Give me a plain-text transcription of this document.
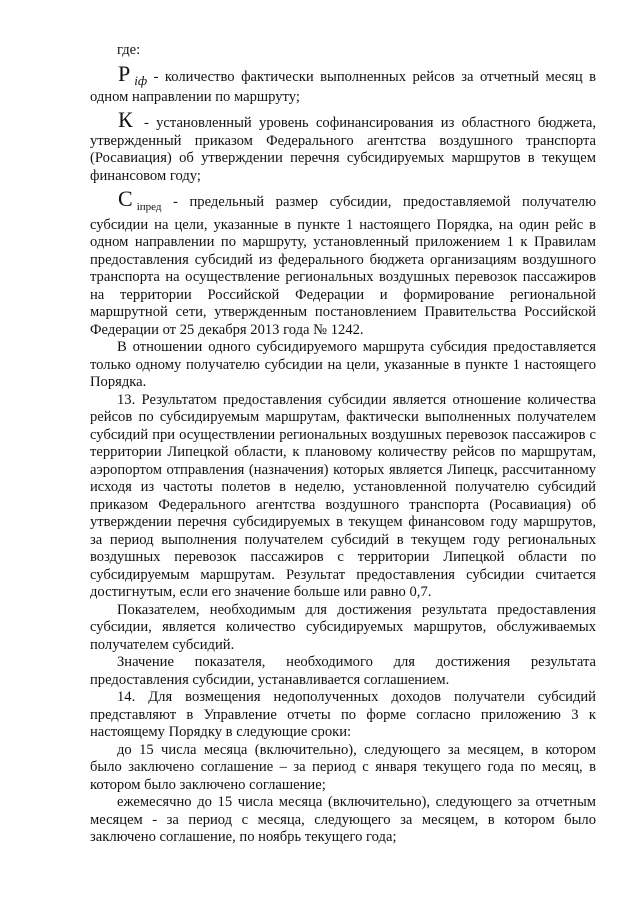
где:

Р $_{iф}$ - количество фактически выполненных рейсов за отчетный месяц в одном направлении по маршруту;

К - установленный уровень софинансирования из областного бюджета, утвержденный приказом Федерального агентства воздушного транспорта (Росавиация) об утверждении перечня субсидируемых маршрутов в текущем финансовом году;

С $_{iпред}$ - предельный размер субсидии, предоставляемой получателю субсидии на цели, указанные в пункте 1 настоящего Порядка, на один рейс в одном направлении по маршруту, установленный приложением 1 к Правилам предоставления субсидий из федерального бюджета организациям воздушного транспорта на осуществление региональных воздушных перевозок пассажиров на территории Российской Федерации и формирование региональной маршрутной сети, утвержденным постановлением Правительства Российской Федерации от 25 декабря 2013 года № 1242.

В отношении одного субсидируемого маршрута субсидия предоставляется только одному получателю субсидии на цели, указанные в пункте 1 настоящего Порядка.

13. Результатом предоставления субсидии является отношение количества рейсов по субсидируемым маршрутам, фактически выполненных получателем субсидий при осуществлении региональных воздушных перевозок пассажиров с территории Липецкой области, к плановому количеству рейсов по маршрутам, аэропортом отправления (назначения) которых является Липецк, рассчитанному исходя из частоты полетов в неделю, установленной получателю субсидий приказом Федерального агентства воздушного транспорта (Росавиация) об утверждении перечня субсидируемых в текущем финансовом году маршрутов, за период выполнения получателем субсидий в текущем году региональных воздушных перевозок пассажиров с территории Липецкой области по субсидируемым маршрутам. Результат предоставления субсидии считается достигнутым, если его значение больше или равно 0,7.

Показателем, необходимым для достижения результата предоставления субсидии, является количество субсидируемых маршрутов, обслуживаемых получателем субсидий.

Значение показателя, необходимого для достижения результата предоставления субсидии, устанавливается соглашением.

14. Для возмещения недополученных доходов получатели субсидий представляют в Управление отчеты по форме согласно приложению 3 к настоящему Порядку в следующие сроки:

до 15 числа месяца (включительно), следующего за месяцем, в котором было заключено соглашение – за период с января текущего года по месяц, в котором было заключено соглашение;

ежемесячно до 15 числа месяца (включительно), следующего за отчетным месяцем - за период с месяца, следующего за месяцем, в котором было заключено соглашение, по ноябрь текущего года;
